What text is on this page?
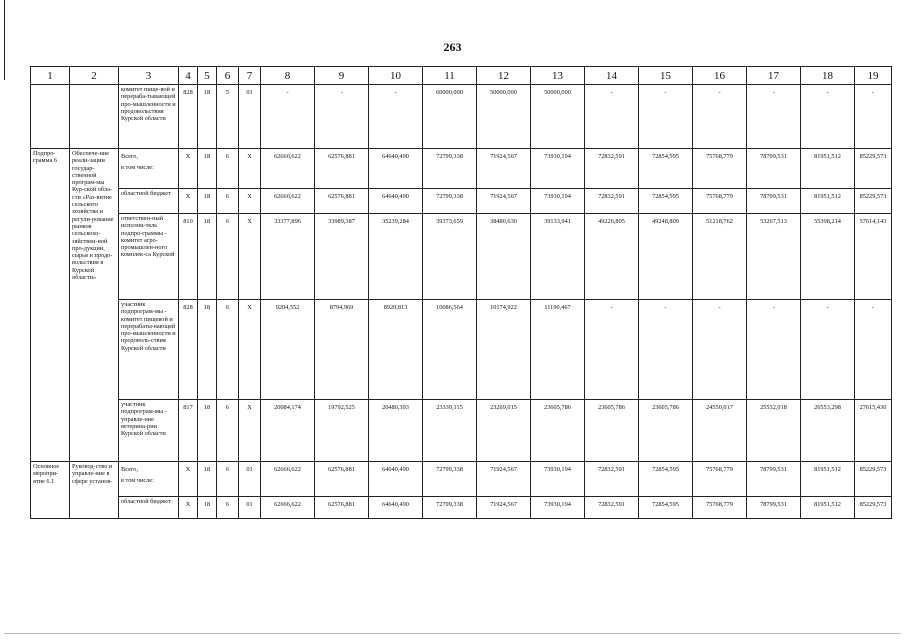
263
1	2	3	4	5	6	7	8	9	10	11	12	13	14	15	16	17	18	19
		комитет пище-вой и перераба-тывающей про-мышленности и продовольствия Курской области	828	18	5	01	-	-	-	60000,000	50000,000	50000,000	-	-	-	-	-	-
Подпро-грамма 6	Обеспече-ние реали-зации государ-ственной програм-мы Кур-ской обла-сти «Раз-витие сельского хозяйства и регули-рование рынков сельскохо-зяйствен-ной про-дукции, сырья и продо-вольствия в Курской области»	Всего,
в том числе:	X	18	6	X	62666,622	62576,881	64640,490	72799,338	71924,567	73930,194	72832,591	72854,595	75768,779	78799,531	81951,512	85229,573
		областной бюджет	X	18	6	X	62666,622	62576,881	64640,490	72799,338	71924,567	73930,194	72832,591	72854,595	75768,779	78799,531	81951,512	85229,573
		ответствен-ный исполни-тель подпро-граммы - комитет агро-промышлен-ного комплек-са Курской	810	18	6	X	33377,896	33989,387	35239,284	39373,659	38480,630	39133,941	49226,805	49248,809	51218,762	53267,513	55398,214	57614,143
		участник подпрограм-мы - комитет пищевой и перерабаты-вающей про-мышленности и продоволь-ствия Курской области	828	18	6	X	9204,552	8794,969	8920,813	10086,564	10174,922	11190,467	-	-	-	-	-	-
		участник подпрограм-мы - управле-ние ветерина-рии Курской области	817	18	6	X	20084,174	19792,525	20480,393	23339,115	23269,015	23605,786	23605,786	23605,786	24550,017	25532,018	26553,298	27615,430
Основное меропри-ятие 6.1	Руковод-ство и управле-ние в сфере установ-	Всего,
в том числе:	X	18	6	01	62666,622	62576,881	64640,490	72799,338	71924,567	73930,194	72832,591	72854,595	75768,779	78799,531	81951,512	85229,573
		областной бюджет	X	18	6	01	62666,622	62576,881	64640,490	72799,338	71924,567	73930,194	72832,591	72854,595	75768,779	78799,531	81951,512	85229,573
